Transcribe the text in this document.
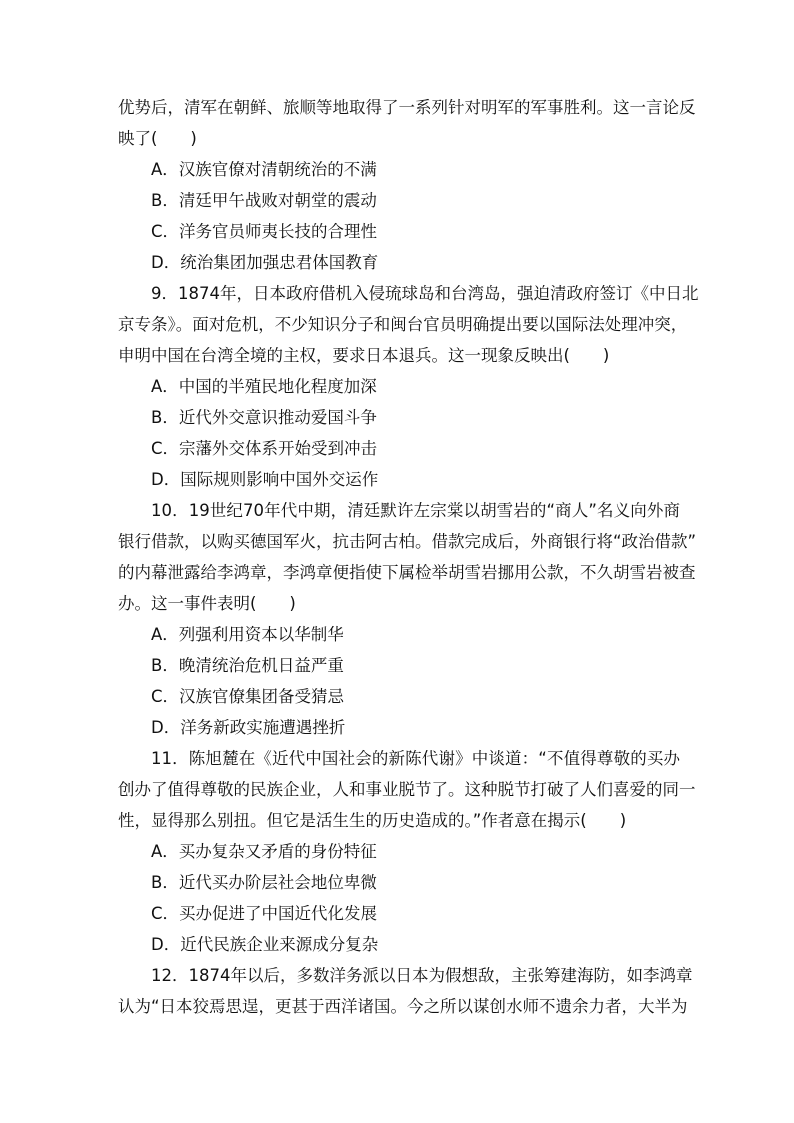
优势后，清军在朝鲜、旅顺等地取得了一系列针对明军的军事胜利。这一言论反
映了(　　)
A．汉族官僚对清朝统治的不满
B．清廷甲午战败对朝堂的震动
C．洋务官员师夷长技的合理性
D．统治集团加强忠君体国教育
9．1874年，日本政府借机入侵琉球岛和台湾岛，强迫清政府签订《中日北
京专条》。面对危机，不少知识分子和闽台官员明确提出要以国际法处理冲突，
申明中国在台湾全境的主权，要求日本退兵。这一现象反映出(　　)
A．中国的半殖民地化程度加深
B．近代外交意识推动爱国斗争
C．宗藩外交体系开始受到冲击
D．国际规则影响中国外交运作
10．19世纪70年代中期，清廷默许左宗棠以胡雪岩的“商人”名义向外商
银行借款，以购买德国军火，抗击阿古柏。借款完成后，外商银行将“政治借款”
的内幕泄露给李鸿章，李鸿章便指使下属检举胡雪岩挪用公款，不久胡雪岩被查
办。这一事件表明(　　)
A．列强利用资本以华制华
B．晚清统治危机日益严重
C．汉族官僚集团备受猜忌
D．洋务新政实施遭遇挫折
11．陈旭麓在《近代中国社会的新陈代谢》中谈道：“不值得尊敬的买办
创办了值得尊敬的民族企业，人和事业脱节了。这种脱节打破了人们喜爱的同一
性，显得那么别扭。但它是活生生的历史造成的。”作者意在揭示(　　)
A．买办复杂又矛盾的身份特征
B．近代买办阶层社会地位卑微
C．买办促进了中国近代化发展
D．近代民族企业来源成分复杂
12．1874年以后，多数洋务派以日本为假想敌，主张筹建海防，如李鸿章
认为“日本狡焉思逞，更甚于西洋诸国。今之所以谋创水师不遗余力者，大半为
